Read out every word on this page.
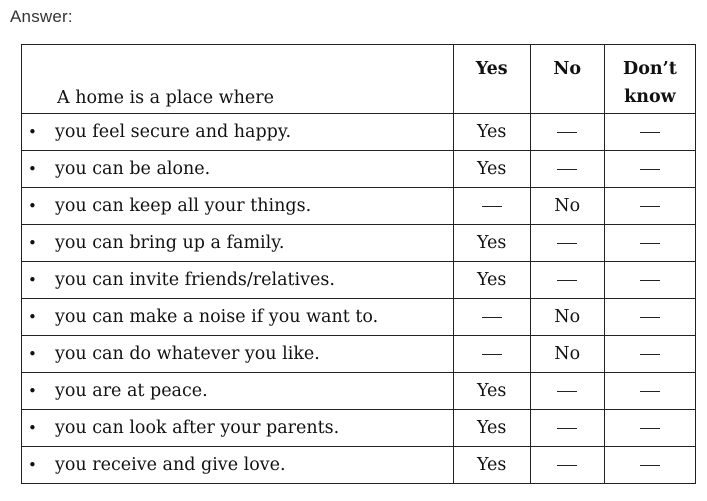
Answer:
A home is a place where	Yes	No	Don’t know
• you feel secure and happy.	Yes		
• you can be alone.	Yes		
• you can keep all your things.		No	
• you can bring up a family.	Yes		
• you can invite friends/relatives.	Yes		
• you can make a noise if you want to.		No	
• you can do whatever you like.		No	
• you are at peace.	Yes		
• you can look after your parents.	Yes		
• you receive and give love.	Yes		
